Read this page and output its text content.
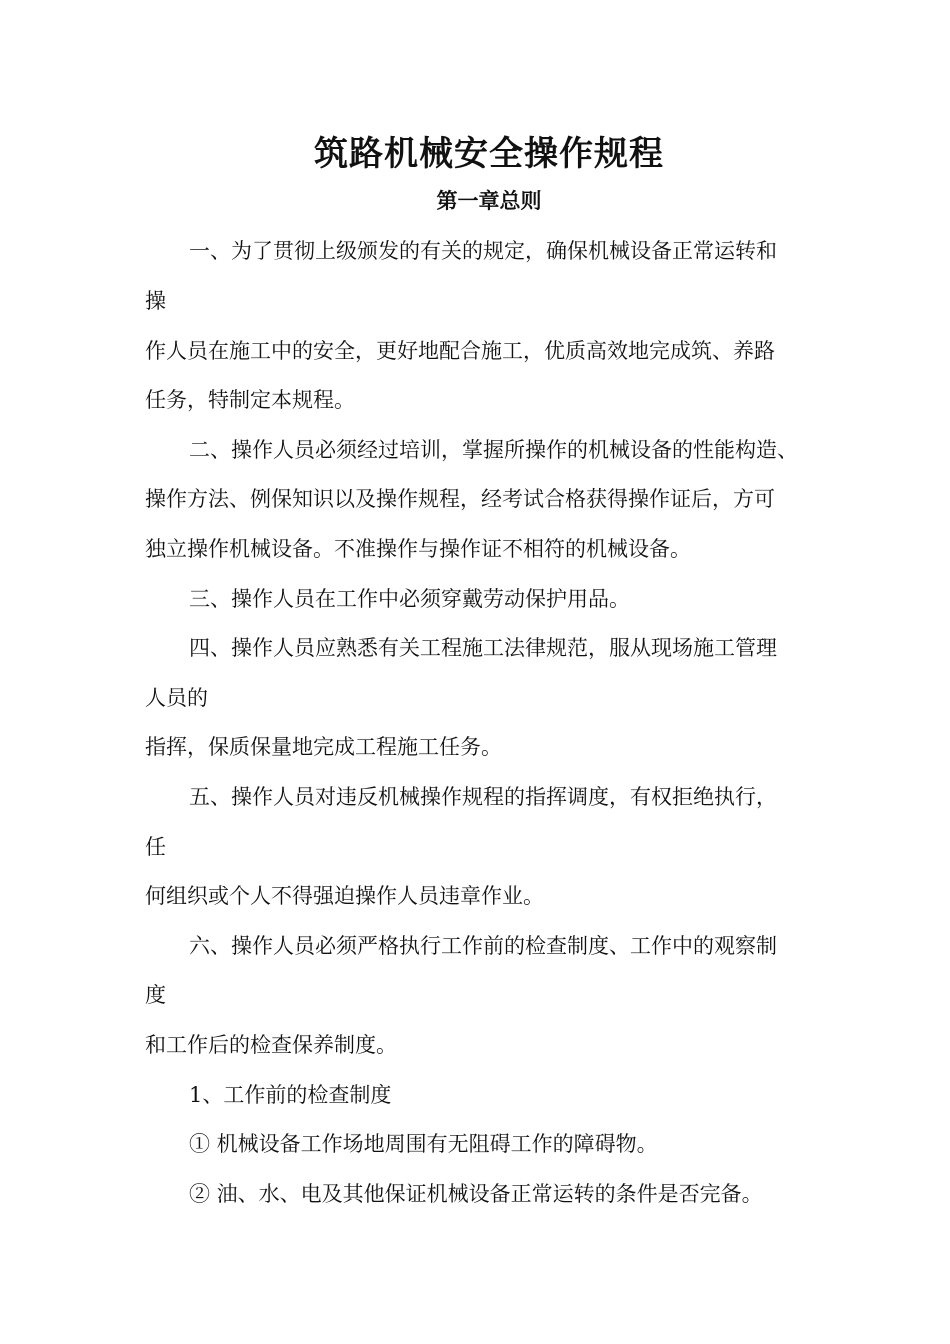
筑路机械安全操作规程
第一章总则

一、为了贯彻上级颁发的有关的规定，确保机械设备正常运转和

操

作人员在施工中的安全，更好地配合施工，优质高效地完成筑、养路

任务，特制定本规程。

二、操作人员必须经过培训，掌握所操作的机械设备的性能构造、

操作方法、例保知识以及操作规程，经考试合格获得操作证后，方可

独立操作机械设备。不准操作与操作证不相符的机械设备。

三、操作人员在工作中必须穿戴劳动保护用品。

四、操作人员应熟悉有关工程施工法律规范，服从现场施工管理

人员的

指挥，保质保量地完成工程施工任务。

五、操作人员对违反机械操作规程的指挥调度，有权拒绝执行，

任

何组织或个人不得强迫操作人员违章作业。

六、操作人员必须严格执行工作前的检查制度、工作中的观察制

度

和工作后的检查保养制度。

1、工作前的检查制度

① 机械设备工作场地周围有无阻碍工作的障碍物。

② 油、水、电及其他保证机械设备正常运转的条件是否完备。
